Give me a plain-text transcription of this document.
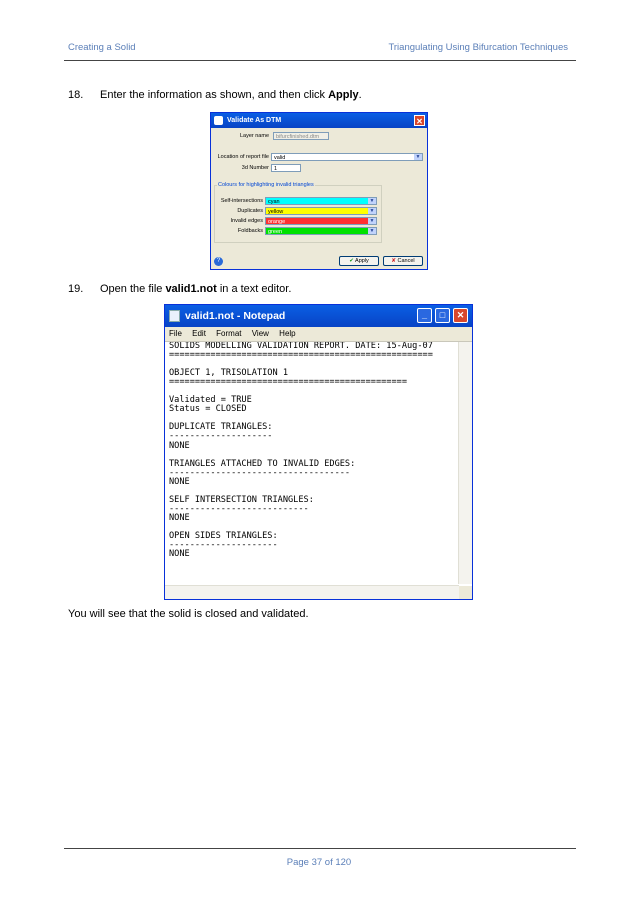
Creating a Solid	Triangulating Using Bifurcation Techniques
18.	Enter the information as shown, and then click Apply.
Validate As DTM	✕
Layer name	bifurcfinished.dtm
Location of report file valid	▼
3d Number 1
Colours for highlighting invalid triangles
Self-intersections cyan	▼
Duplicates yellow	▼
Invalid edges orange	▼
Foldbacks green	▼
?	✔ Apply	✘ Cancel
19.	Open the file valid1.not in a text editor.
valid1.not - Notepad	_	□	✕
File Edit Format View Help
SOLIDS MODELLING VALIDATION REPORT. DATE: 15-Aug-07
===================================================

OBJECT 1, TRISOLATION 1
==============================================

Validated = TRUE
Status = CLOSED

DUPLICATE TRIANGLES:
--------------------
NONE

TRIANGLES ATTACHED TO INVALID EDGES:
-----------------------------------
NONE

SELF INTERSECTION TRIANGLES:
---------------------------
NONE

OPEN SIDES TRIANGLES:
---------------------
NONE
You will see that the solid is closed and validated.
Page 37 of 120
